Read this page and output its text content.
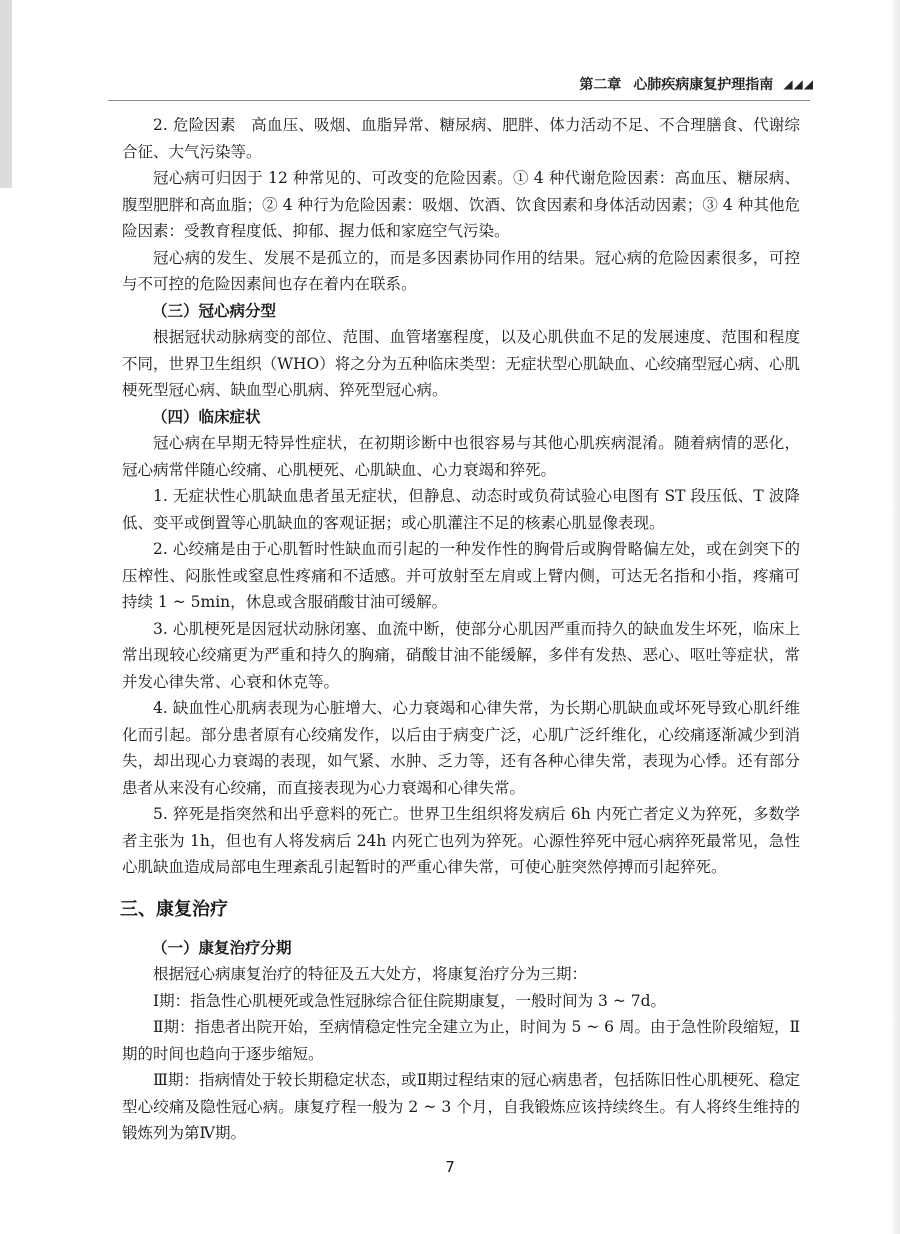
第二章 心肺疾病康复护理指南 ◢◢◢

2. 危险因素　高血压、吸烟、血脂异常、糖尿病、肥胖、体力活动不足、不合理膳食、代谢综合征、大气污染等。

冠心病可归因于 12 种常见的、可改变的危险因素。① 4 种代谢危险因素：高血压、糖尿病、腹型肥胖和高血脂；② 4 种行为危险因素：吸烟、饮酒、饮食因素和身体活动因素；③ 4 种其他危险因素：受教育程度低、抑郁、握力低和家庭空气污染。

冠心病的发生、发展不是孤立的，而是多因素协同作用的结果。冠心病的危险因素很多，可控与不可控的危险因素间也存在着内在联系。

（三）冠心病分型

根据冠状动脉病变的部位、范围、血管堵塞程度，以及心肌供血不足的发展速度、范围和程度不同，世界卫生组织（WHO）将之分为五种临床类型：无症状型心肌缺血、心绞痛型冠心病、心肌梗死型冠心病、缺血型心肌病、猝死型冠心病。

（四）临床症状

冠心病在早期无特异性症状，在初期诊断中也很容易与其他心肌疾病混淆。随着病情的恶化，冠心病常伴随心绞痛、心肌梗死、心肌缺血、心力衰竭和猝死。

1. 无症状性心肌缺血患者虽无症状，但静息、动态时或负荷试验心电图有 ST 段压低、T 波降低、变平或倒置等心肌缺血的客观证据；或心肌灌注不足的核素心肌显像表现。

2. 心绞痛是由于心肌暂时性缺血而引起的一种发作性的胸骨后或胸骨略偏左处，或在剑突下的压榨性、闷胀性或窒息性疼痛和不适感。并可放射至左肩或上臂内侧，可达无名指和小指，疼痛可持续 1 ~ 5min，休息或含服硝酸甘油可缓解。

3. 心肌梗死是因冠状动脉闭塞、血流中断，使部分心肌因严重而持久的缺血发生坏死，临床上常出现较心绞痛更为严重和持久的胸痛，硝酸甘油不能缓解，多伴有发热、恶心、呕吐等症状，常并发心律失常、心衰和休克等。

4. 缺血性心肌病表现为心脏增大、心力衰竭和心律失常，为长期心肌缺血或坏死导致心肌纤维化而引起。部分患者原有心绞痛发作，以后由于病变广泛，心肌广泛纤维化，心绞痛逐渐减少到消失，却出现心力衰竭的表现，如气紧、水肿、乏力等，还有各种心律失常，表现为心悸。还有部分患者从来没有心绞痛，而直接表现为心力衰竭和心律失常。

5. 猝死是指突然和出乎意料的死亡。世界卫生组织将发病后 6h 内死亡者定义为猝死，多数学者主张为 1h，但也有人将发病后 24h 内死亡也列为猝死。心源性猝死中冠心病猝死最常见，急性心肌缺血造成局部电生理紊乱引起暂时的严重心律失常，可使心脏突然停搏而引起猝死。

三、康复治疗
（一）康复治疗分期

根据冠心病康复治疗的特征及五大处方，将康复治疗分为三期：

Ⅰ期：指急性心肌梗死或急性冠脉综合征住院期康复，一般时间为 3 ~ 7d。

Ⅱ期：指患者出院开始，至病情稳定性完全建立为止，时间为 5 ~ 6 周。由于急性阶段缩短，Ⅱ期的时间也趋向于逐步缩短。

Ⅲ期：指病情处于较长期稳定状态，或Ⅱ期过程结束的冠心病患者，包括陈旧性心肌梗死、稳定型心绞痛及隐性冠心病。康复疗程一般为 2 ~ 3 个月，自我锻炼应该持续终生。有人将终生维持的锻炼列为第Ⅳ期。

7
